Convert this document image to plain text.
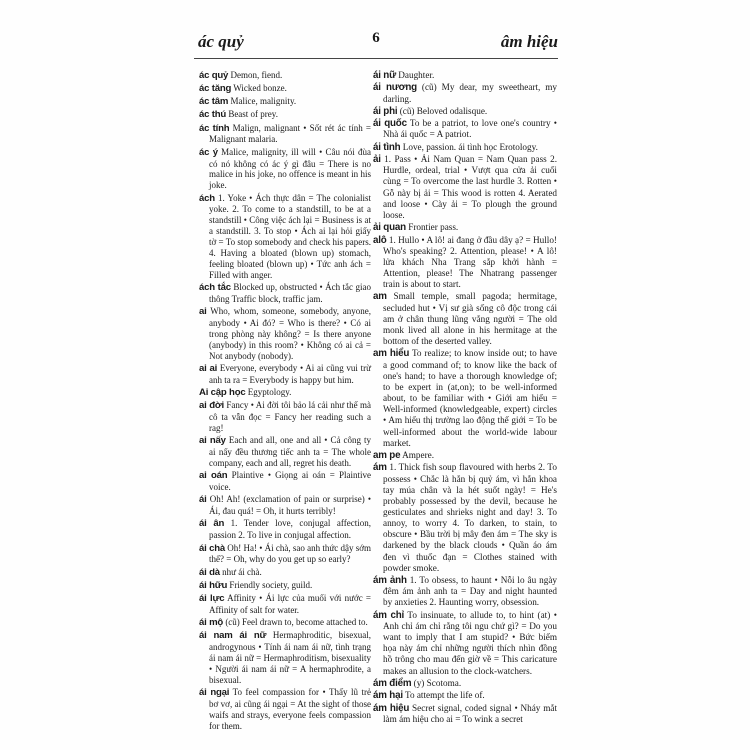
ác quỷ	6	âm hiệu

ác quỷ Demon, fiend.

ác tăng Wicked bonze.

ác tâm Malice, malignity.

ác thú Beast of prey.

ác tính Malign, malignant • Sốt rét ác tính = Malignant malaria.

ác ý Malice, malignity, ill will • Câu nói đùa có nó không có ác ý gì đâu = There is no malice in his joke, no offence is meant in his joke.

ách 1. Yoke • Ách thực dân = The colonialist yoke. 2. To come to a standstill, to be at a standstill • Công việc ách lại = Business is at a standstill. 3. To stop • Ách ai lại hỏi giấy tờ = To stop somebody and check his papers. 4. Having a bloated (blown up) stomach, feeling bloated (blown up) • Tức anh ách = Filled with anger.

ách tắc Blocked up, obstructed • Ách tắc giao thông Traffic block, traffic jam.

ai Who, whom, someone, somebody, anyone, anybody • Ai đó? = Who is there? • Có ai trong phòng này không? = Is there anyone (anybody) in this room? • Không có ai cả = Not anybody (nobody).

ai ai Everyone, everybody • Ai ai cũng vui trừ anh ta ra = Everybody is happy but him.

Ai cập học Egyptology.

ai đời Fancy • Ai đời tôi bảo lá cải như thế mà cô ta vẫn đọc = Fancy her reading such a rag!

ai nấy Each and all, one and all • Cả công ty ai nấy đều thương tiếc anh ta = The whole company, each and all, regret his death.

ai oán Plaintive • Giọng ai oán = Plaintive voice.

ái Oh! Ah! (exclamation of pain or surprise) • Ái, đau quá! = Oh, it hurts terribly!

ái ân 1. Tender love, conjugal affection, passion 2. To live in conjugal affection.

ái chà Oh! Ha! • Ái chà, sao anh thức dậy sớm thế? = Oh, why do you get up so early?

ái dà như ái chà.

ái hữu Friendly society, guild.

ái lực Affinity • Ái lực của muối với nước = Affinity of salt for water.

ái mộ (cũ) Feel drawn to, become attached to.

ái nam ái nữ Hermaphroditic, bisexual, androgynous • Tính ái nam ái nữ, tình trạng ái nam ái nữ = Hermaphroditism, bisexuality • Người ái nam ái nữ = A hermaphrodite, a bisexual.

ái ngại To feel compassion for • Thấy lũ trẻ bơ vơ, ai cũng ái ngại = At the sight of those waifs and strays, everyone feels compassion for them.

ái nữ Daughter.

ái nương (cũ) My dear, my sweetheart, my darling.

ái phi (cũ) Beloved odalisque.

ái quốc To be a patriot, to love one's country • Nhà ái quốc = A patriot.

ái tình Love, passion. ái tình học Erotology.

ải 1. Pass • Ải Nam Quan = Nam Quan pass 2. Hurdle, ordeal, trial • Vượt qua cửa ải cuối cùng = To overcome the last hurdle 3. Rotten • Gỗ này bị ải = This wood is rotten 4. Aerated and loose • Cày ải = To plough the ground loose.

ải quan Frontier pass.

alô 1. Hullo • A lô! ai đang ở đầu dây ạ? = Hullo! Who's speaking? 2. Attention, please! • A lô! lửa khách Nha Trang sắp khởi hành = Attention, please! The Nhatrang passenger train is about to start.

am Small temple, small pagoda; hermitage, secluded hut • Vị sư già sống cô độc trong cái am ở chân thung lũng vắng người = The old monk lived all alone in his hermitage at the bottom of the deserted valley.

am hiểu To realize; to know inside out; to have a good command of; to know like the back of one's hand; to have a thorough knowledge of; to be expert in (at,on); to be well-informed about, to be familiar with • Giới am hiểu = Well-informed (knowledgeable, expert) circles • Am hiểu thị trường lao động thế giới = To be well-informed about the world-wide labour market.

am pe Ampere.

ám 1. Thick fish soup flavoured with herbs 2. To possess • Chắc là hắn bị quỷ ám, vì hắn khoa tay múa chân và la hét suốt ngày! = He's probably possessed by the devil, because he gesticulates and shrieks night and day! 3. To annoy, to worry 4. To darken, to stain, to obscure • Bầu trời bị mây đen ám = The sky is darkened by the black clouds • Quần áo ám đen vì thuốc đạn = Clothes stained with powder smoke.

ám ảnh 1. To obsess, to haunt • Nỗi lo âu ngày đêm ám ảnh anh ta = Day and night haunted by anxieties 2. Haunting worry, obsession.

ám chỉ To insinuate, to allude to, to hint (at) • Anh chỉ ám chỉ rằng tôi ngu chứ gì? = Do you want to imply that I am stupid? • Bức biếm họa này ám chỉ những người thích nhìn đồng hồ trông cho mau đến giờ về = This caricature makes an allusion to the clock-watchers.

ám điểm (y) Scotoma.

ám hại To attempt the life of.

ám hiệu Secret signal, coded signal • Nháy mắt làm ám hiệu cho ai = To wink a secret
